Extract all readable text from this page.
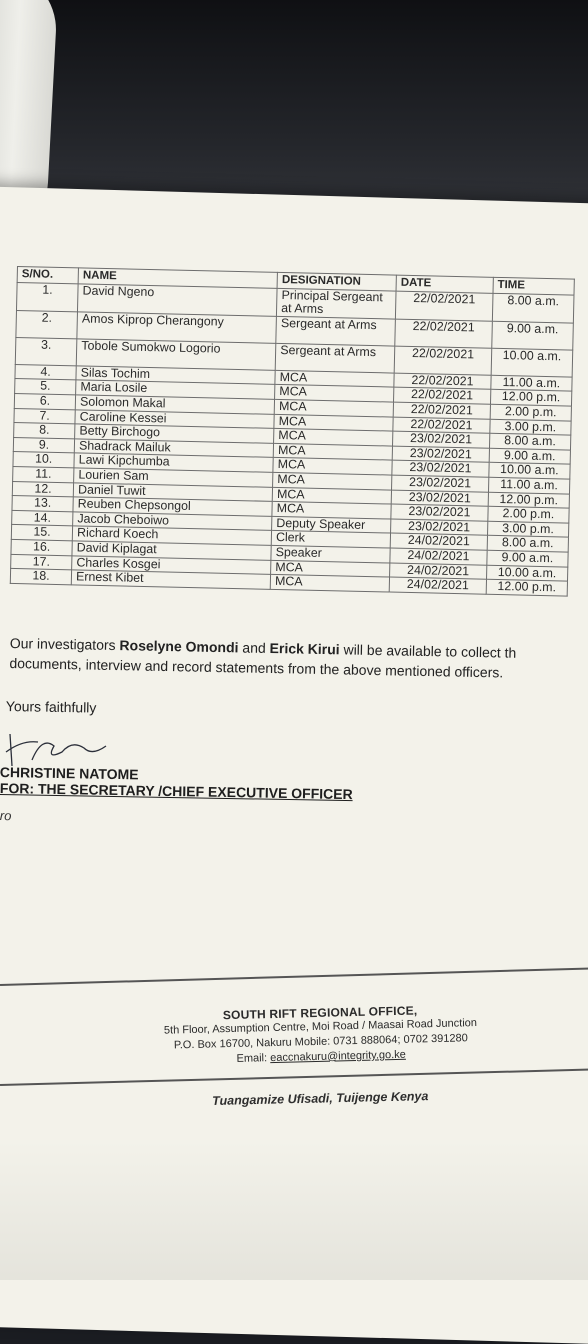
S/NO.	NAME	DESIGNATION	DATE	TIME
1.	David Ngeno	Principal Sergeant at Arms	22/02/2021	8.00 a.m.
2.	Amos Kiprop Cherangony	Sergeant at Arms	22/02/2021	9.00 a.m.
3.	Tobole Sumokwo Logorio	Sergeant at Arms	22/02/2021	10.00 a.m.
4.	Silas Tochim	MCA	22/02/2021	11.00 a.m.
5.	Maria Losile	MCA	22/02/2021	12.00 p.m.
6.	Solomon Makal	MCA	22/02/2021	2.00 p.m.
7.	Caroline Kessei	MCA	22/02/2021	3.00 p.m.
8.	Betty Birchogo	MCA	23/02/2021	8.00 a.m.
9.	Shadrack Mailuk	MCA	23/02/2021	9.00 a.m.
10.	Lawi Kipchumba	MCA	23/02/2021	10.00 a.m.
11.	Lourien Sam	MCA	23/02/2021	11.00 a.m.
12.	Daniel Tuwit	MCA	23/02/2021	12.00 p.m.
13.	Reuben Chepsongol	MCA	23/02/2021	2.00 p.m.
14.	Jacob Cheboiwo	Deputy Speaker	23/02/2021	3.00 p.m.
15.	Richard Koech	Clerk	24/02/2021	8.00 a.m.
16.	David Kiplagat	Speaker	24/02/2021	9.00 a.m.
17.	Charles Kosgei	MCA	24/02/2021	10.00 a.m.
18.	Ernest Kibet	MCA	24/02/2021	12.00 p.m.
Our investigators Roselyne Omondi and Erick Kirui will be available to collect th
documents, interview and record statements from the above mentioned officers.
Yours faithfully
CHRISTINE NATOME
FOR: THE SECRETARY /CHIEF EXECUTIVE OFFICER
ro
SOUTH RIFT REGIONAL OFFICE,
5th Floor, Assumption Centre, Moi Road / Maasai Road Junction
P.O. Box 16700, Nakuru Mobile: 0731 888064; 0702 391280
Email: eaccnakuru@integrity.go.ke
Tuangamize Ufisadi, Tuijenge Kenya
